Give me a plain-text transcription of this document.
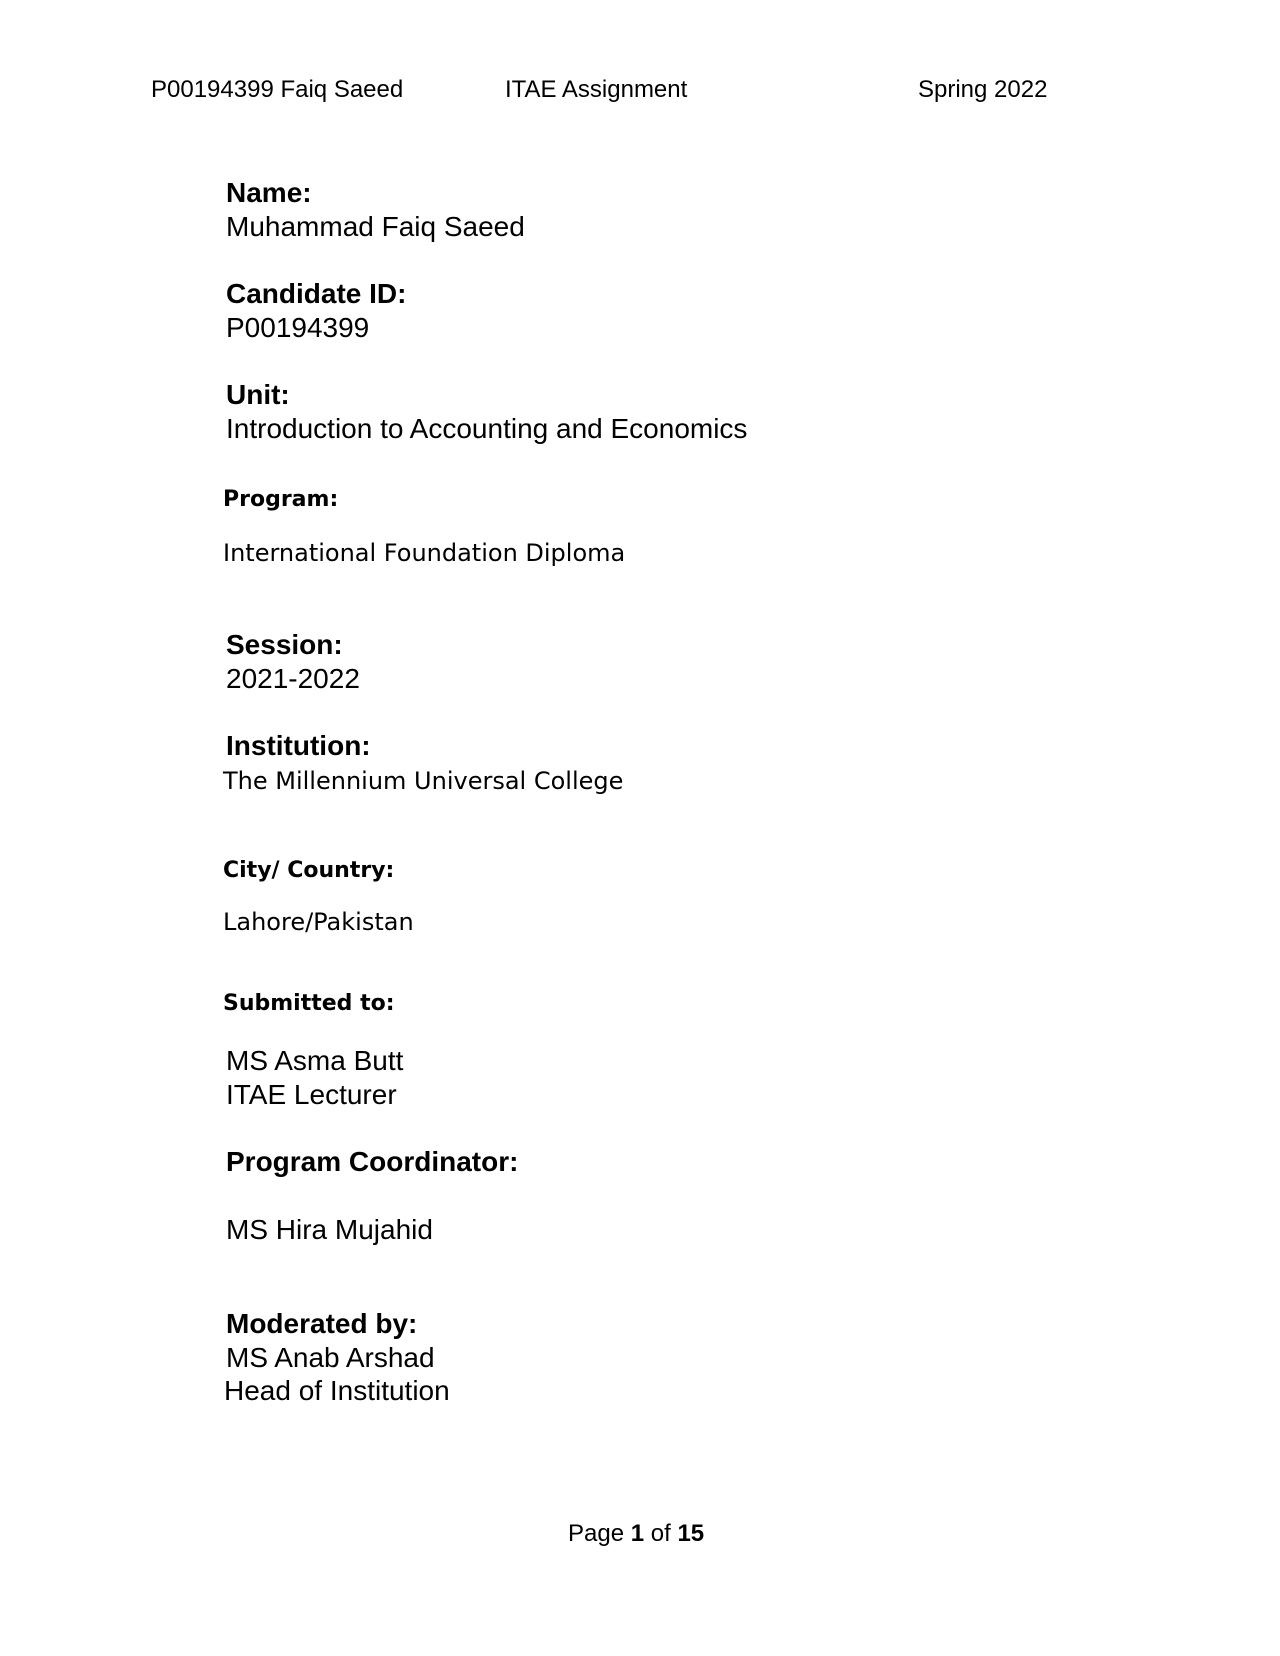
P00194399 Faiq Saeed	ITAE Assignment	Spring 2022
Name:
Muhammad Faiq Saeed
Candidate ID:
P00194399
Unit:
Introduction to Accounting and Economics
Program:
International Foundation Diploma
Session:
2021-2022
Institution:
The Millennium Universal College
City/ Country:
Lahore/Pakistan
Submitted to:
MS Asma Butt
ITAE Lecturer
Program Coordinator:
MS Hira Mujahid
Moderated by:
MS Anab Arshad
Head of Institution
Page 1 of 15
